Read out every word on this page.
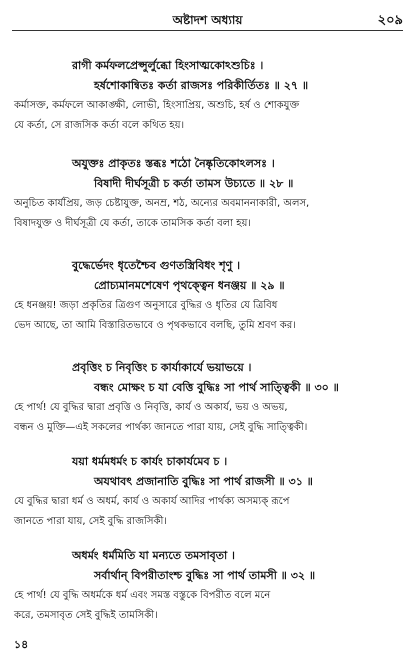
অষ্টাদশ অধ্যায়	২০৯
রাগী কর্মফলপ্রেপ্সুর্লুব্ধো হিংসাত্মকোঽশুচিঃ ।
হর্ষশোকান্বিতঃ কর্তা রাজসঃ পরিকীর্তিতঃ ॥ ২৭ ॥
কর্মাসক্ত, কর্মফলে আকাঙ্ক্ষী, লোভী, হিংসাপ্রিয়, অশুচি, হর্ষ ও শোকযুক্ত
যে কর্তা, সে রাজসিক কর্তা বলে কথিত হয়।
অযুক্তঃ প্রাকৃতঃ স্তব্ধঃ শঠো নৈষ্কৃতিকোঽলসঃ ।
বিষাদী দীর্ঘসূত্রী চ কর্তা তামস উচ্যতে ॥ ২৮ ॥
অনুচিত কার্যপ্রিয়, জড় চেষ্টাযুক্ত, অনম্র, শঠ, অন্যের অবমাননাকারী, অলস,
বিষাদযুক্ত ও দীর্ঘসূত্রী যে কর্তা, তাকে তামসিক কর্তা বলা হয়।
বুদ্ধের্ভেদং ধৃতেশ্চৈব গুণতস্ত্রিবিধং শৃণু ।
প্রোচ্যমানমশেষেণ পৃথক্ত্বেন ধনঞ্জয় ॥ ২৯ ॥
হে ধনঞ্জয়! জড়া প্রকৃতির ত্রিগুণ অনুসারে বুদ্ধির ও ধৃতির যে ত্রিবিধ
ভেদ আছে, তা আমি বিস্তারিতভাবে ও পৃথকভাবে বলছি, তুমি শ্রবণ কর।
প্রবৃত্তিং চ নিবৃত্তিং চ কার্যাকার্যে ভয়াভয়ে ।
বন্ধং মোক্ষং চ যা বেত্তি বুদ্ধিঃ সা পার্থ সাত্ত্বিকী ॥ ৩০ ॥
হে পার্থ! যে বুদ্ধির দ্বারা প্রবৃত্তি ও নিবৃত্তি, কার্য ও অকার্য, ভয় ও অভয়,
বন্ধন ও মুক্তি—এই সকলের পার্থক্য জানতে পারা যায়, সেই বুদ্ধি সাত্ত্বিকী।
যয়া ধর্মমধর্মং চ কার্যং চাকার্যমেব চ ।
অযথাবৎ প্রজানাতি বুদ্ধিঃ সা পার্থ রাজসী ॥ ৩১ ॥
যে বুদ্ধির দ্বারা ধর্ম ও অধর্ম, কার্য ও অকার্য আদির পার্থক্য অসম্যক্ রূপে
জানতে পারা যায়, সেই বুদ্ধি রাজসিকী।
অধর্মং ধর্মমিতি যা মন্যতে তমসাবৃতা ।
সর্বার্থান্ বিপরীতাংশ্চ বুদ্ধিঃ সা পার্থ তামসী ॥ ৩২ ॥
হে পার্থ! যে বুদ্ধি অধর্মকে ধর্ম এবং সমস্ত বস্তুকে বিপরীত বলে মনে
করে, তমসাবৃত সেই বুদ্ধিই তামসিকী।
১৪
